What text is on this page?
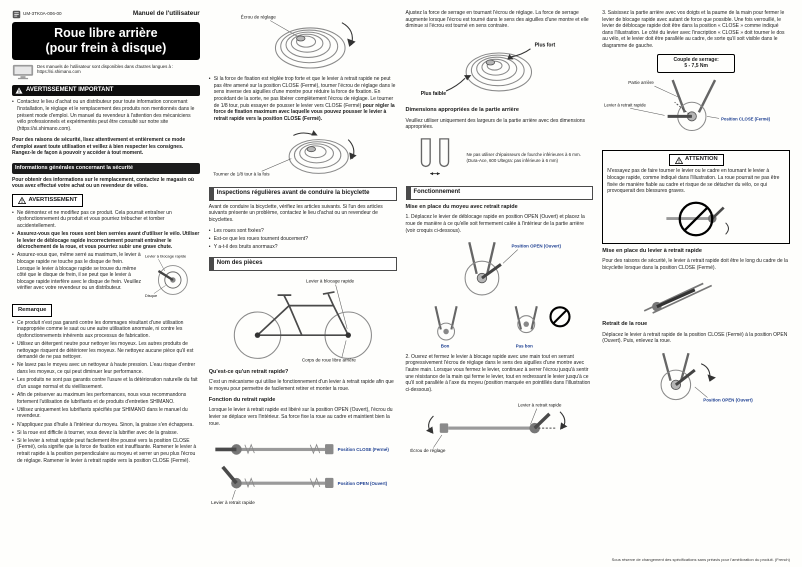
UM-3TK0A-006-00	Manuel de l'utilisateur
Roue libre arrière
(pour frein à disque)
Des manuels de l'utilisateur sont disponibles dans d'autres langues à : https://si.shimano.com
AVERTISSEMENT IMPORTANT
• Contactez le lieu d'achat ou un distributeur pour toute information concernant l'installation, le réglage et le remplacement des produits non mentionnés dans le présent mode d'emploi. Un manuel du revendeur à l'attention des mécaniciens vélo professionnels et expérimentés peut être consulté sur notre site (https://si.shimano.com).

Pour des raisons de sécurité, lisez attentivement et entièrement ce mode d'emploi avant toute utilisation et veillez à bien respecter les consignes. Rangez-le de façon à pouvoir y accéder à tout moment.

Informations générales concernant la sécurité

Pour obtenir des informations sur le remplacement, contactez le magasin où vous avez effectué votre achat ou un revendeur de vélos.

AVERTISSEMENT
• Ne démontez et ne modifiez pas ce produit. Cela pourrait entraîner un dysfonctionnement du produit et vous pourriez trébucher et tomber accidentellement.
• Assurez-vous que les roues sont bien serrées avant d'utiliser le vélo. Utiliser le levier de déblocage rapide incorrectement pourrait entraîner le décrochement de la roue, et vous pourriez subir une grave chute.
• Assurez-vous que, même serré au maximum, le levier à blocage rapide ne touche pas le disque de frein. Lorsque le levier à blocage rapide se trouve du même côté que le disque de frein, il se peut que le levier à blocage rapide interfère avec le disque de frein. Veuillez vérifier avec votre revendeur ou un distributeur.
Levier à blocage rapide
Disque
Remarque
• Ce produit n'est pas garanti contre les dommages résultant d'une utilisation inappropriée comme le saut ou une autre utilisation anormale, ni contre les dysfonctionnements inhérents aux processus de fabrication.
• Utilisez un détergent neutre pour nettoyer les moyeux. Les autres produits de nettoyage risquent de détériorer les moyeux. Ne nettoyez aucune pièce qu'il est demandé de ne pas nettoyer.
• Ne lavez pas le moyeu avec un nettoyeur à haute pression. L'eau risque d'entrer dans les moyeux, ce qui peut diminuer leur performance.
• Les produits ne sont pas garantis contre l'usure et la détérioration naturelle du fait d'un usage normal et du vieillissement.
• Afin de préserver au maximum les performances, nous vous recommandons fortement l'utilisation de lubrifiants et de produits d'entretien SHIMANO.
• Utilisez uniquement les lubrifiants spécifiés par SHIMANO dans le manuel du revendeur.
• N'appliquez pas d'huile à l'intérieur du moyeu. Sinon, la graisse s'en échappera.
• Si la roue est difficile à tourner, vous devez la lubrifier avec de la graisse.
• Si le levier à retrait rapide peut facilement être poussé vers la position CLOSE (Fermé), cela signifie que la force de fixation est insuffisante. Ramener le levier à retrait rapide à la position perpendiculaire au moyeu et serrer un peu plus l'écrou de réglage. Ramener le levier à retrait rapide vers la position CLOSE (Fermé).
Écrou de réglage
• Si la force de fixation est réglée trop forte et que le levier à retrait rapide ne peut pas être amené sur la position CLOSE (Fermé), tourner l'écrou de réglage dans le sens inverse des aiguilles d'une montre pour réduire la force de fixation. En procédant de la sorte, ne pas libérer complètement l'écrou de réglage. Le tourner de 1/8 tour, puis essayer de pousser le levier vers CLOSE (Fermé) pour régler la force de fixation maximum avec laquelle vous pouvez pousser le levier à retrait rapide vers la position CLOSE (Fermé).
Tourner de 1/8 tour à la fois
Inspections régulières avant de conduire la bicyclette

Avant de conduire la bicyclette, vérifiez les articles suivants. Si l'un des articles suivants présente un problème, contactez le lieu d'achat ou un revendeur de bicyclettes.

• Les roues sont fixées?
• Est-ce que les roues tournent doucement?
• Y a-t-il des bruits anormaux?
Nom des pièces
Levier à blocage rapide
Corps de roue libre arrière
Qu'est-ce qu'un retrait rapide?

C'est un mécanisme qui utilise le fonctionnement d'un levier à retrait rapide afin que le moyeu pour permettre de facilement retirer et monter la roue.

Fonction du retrait rapide

Lorsque le levier à retrait rapide est libéré sur la position OPEN (Ouvert), l'écrou du levier se déplace vers l'intérieur. Sa force fixe la roue au cadre et maintient bien la roue.

Position CLOSE (Fermé)
Position OPEN (Ouvert)
Levier à retrait rapide

Ajustez la force de serrage en tournant l'écrou de réglage. La force de serrage augmente lorsque l'écrou est tourné dans le sens des aiguilles d'une montre et elle diminue si l'écrou est tourné en sens contraire.

Plus fort
Plus faible
Dimensions appropriées de la partie arrière

Veuillez utiliser uniquement des largeurs de la partie arrière avec des dimensions appropriées.

Ne pas utiliser d'épaisseurs de fourche inférieures à 6 mm.
(Dura-Ace, 600 Ultegra: pas inférieure à 6 mm)
Fonctionnement
Mise en place du moyeu avec retrait rapide

1. Déplacez le levier de déblocage rapide en position OPEN (Ouvert) et placez la roue de manière à ce qu'elle soit fermement calée à l'intérieur de la partie arrière (voir croquis ci-dessous).

Position OPEN (Ouvert)
Bon	Pas bon

2. Ouvrez et fermez le levier à blocage rapide avec une main tout en serrant progressivement l'écrou de réglage dans le sens des aiguilles d'une montre avec l'autre main. Lorsque vous fermez le levier, continuez à serrer l'écrou jusqu'à sentir une résistance de la main qui ferme le levier, tout en redressant le levier jusqu'à ce qu'il soit parallèle à l'axe du moyeu (position marquée en pointillés dans l'illustration ci-dessous).

Levier à retrait rapide
Écrou de réglage

3. Saisissez la partie arrière avec vos doigts et la paume de la main pour fermer le levier de blocage rapide avec autant de force que possible. Une fois verrouillé, le levier de déblocage rapide doit être dans la position « CLOSE » comme indiqué dans l'illustration. Le côté du levier avec l'inscription « CLOSE » doit tourner le dos au vélo, et le levier doit être parallèle au cadre, de sorte qu'il soit visible dans le diagramme de gauche.

Couple de serrage:
5 - 7,5 Nm
Partie arrière
Levier à retrait rapide
Position CLOSE (Fermé)
ATTENTION

N'essayez pas de faire tourner le levier ou le cadre en tournant le levier à blocage rapide, comme indiqué dans l'illustration. La roue pourrait ne pas être fixée de manière fiable au cadre et risque de se détacher du vélo, ce qui provoquerait des blessures graves.

Mise en place du levier à retrait rapide

Pour des raisons de sécurité, le levier à retrait rapide doit être le long du cadre de la bicyclette lorsque dans la position CLOSE (Fermé).

Retrait de la roue

Déplacez le levier à retrait rapide de la position CLOSE (Fermé) à la position OPEN (Ouvert). Puis, enlevez la roue.

Position OPEN (Ouvert)
Sous réserve de changement des spécifications sans préavis pour l'amélioration du produit. (French)
